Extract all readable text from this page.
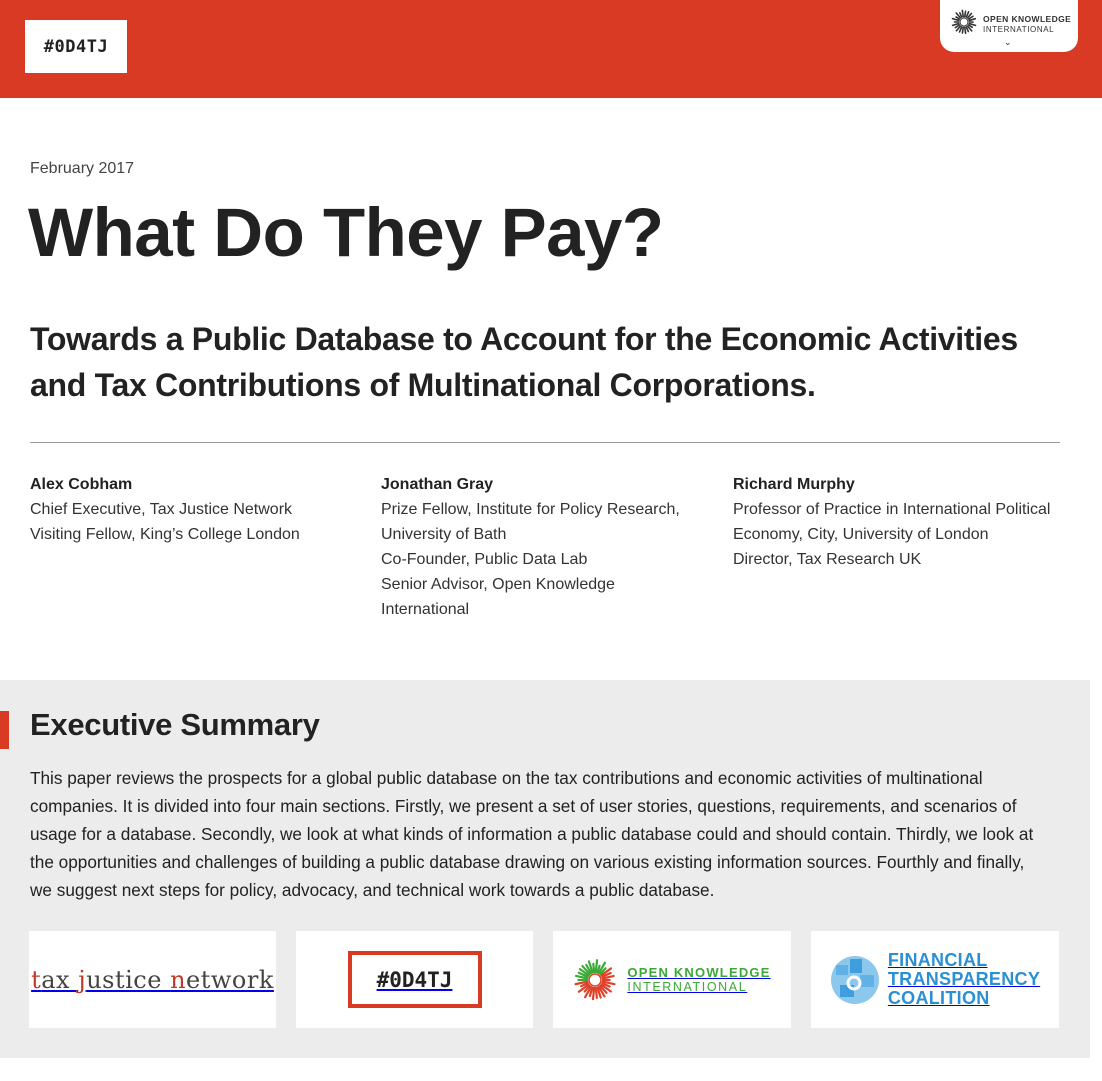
#0D4TJ
OPEN KNOWLEDGE
INTERNATIONAL
⌄
February 2017
What Do They Pay?
Towards a Public Database to Account for the Economic Activities and Tax Contributions of Multinational Corporations.
Alex Cobham
Chief Executive, Tax Justice Network
Visiting Fellow, King’s College London
Jonathan Gray
Prize Fellow, Institute for Policy Research,
University of Bath
Co-Founder, Public Data Lab
Senior Advisor, Open Knowledge
International
Richard Murphy
Professor of Practice in International Political
Economy, City, University of London
Director, Tax Research UK
Executive Summary

This paper reviews the prospects for a global public database on the tax contributions and economic activities of multinational companies. It is divided into four main sections. Firstly, we present a set of user stories, questions, requirements, and scenarios of usage for a database. Secondly, we look at what kinds of information a public database could and should contain. Thirdly, we look at the opportunities and challenges of building a public database drawing on various existing information sources. Fourthly and finally, we suggest next steps for policy, advocacy, and technical work towards a public database.

tax justice network	#0D4TJ	OPEN KNOWLEDGE
INTERNATIONAL
FINANCIAL
TRANSPARENCY
COALITION
